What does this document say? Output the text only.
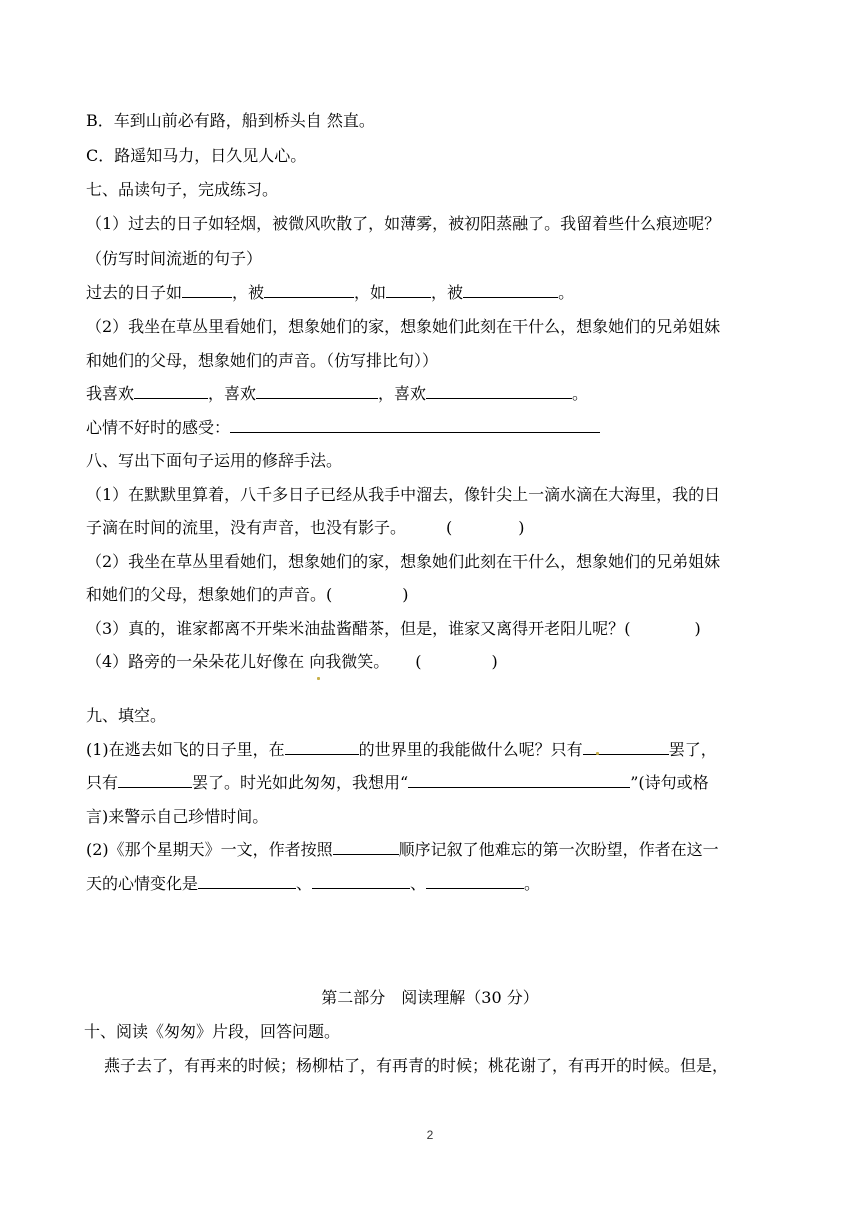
B．车到山前必有路，船到桥头自 然直。
C．路遥知马力，日久见人心。
七、品读句子，完成练习。
（1）过去的日子如轻烟，被微风吹散了，如薄雾，被初阳蒸融了。我留着些什么痕迹呢？
（仿写时间流逝的句子）
过去的日子如	，被	，如	，被	。
（2）我坐在草丛里看她们，想象她们的家，想象她们此刻在干什么，想象她们的兄弟姐妹
和她们的父母，想象她们的声音。（仿写排比句））
我喜欢	，喜欢	，喜欢	。
心情不好时的感受：
八、写出下面句子运用的修辞手法。
（1）在默默里算着，八千多日子已经从我手中溜去，像针尖上一滴水滴在大海里，我的日
子滴在时间的流里，没有声音，也没有影子。	(	)
（2）我坐在草丛里看她们，想象她们的家，想象她们此刻在干什么，想象她们的兄弟姐妹
和她们的父母，想象她们的声音。(	)
（3）真的，谁家都离不开柴米油盐酱醋茶，但是，谁家又离得开老阳儿呢？(	)
（4）路旁的一朵朵花儿好像在 向我微笑。 (	)
九、填空。
(1)在逃去如飞的日子里，在	的世界里的我能做什么呢？只有	罢了，
只有	罢了。时光如此匆匆，我想用“	”(诗句或格
言)来警示自己珍惜时间。
(2)《那个星期天》一文，作者按照	顺序记叙了他难忘的第一次盼望，作者在这一
天的心情变化是	、	、	。
第二部分　阅读理解（30 分）
十、阅读《匆匆》片段，回答问题。
燕子去了，有再来的时候；杨柳枯了，有再青的时候；桃花谢了，有再开的时候。但是，
2
